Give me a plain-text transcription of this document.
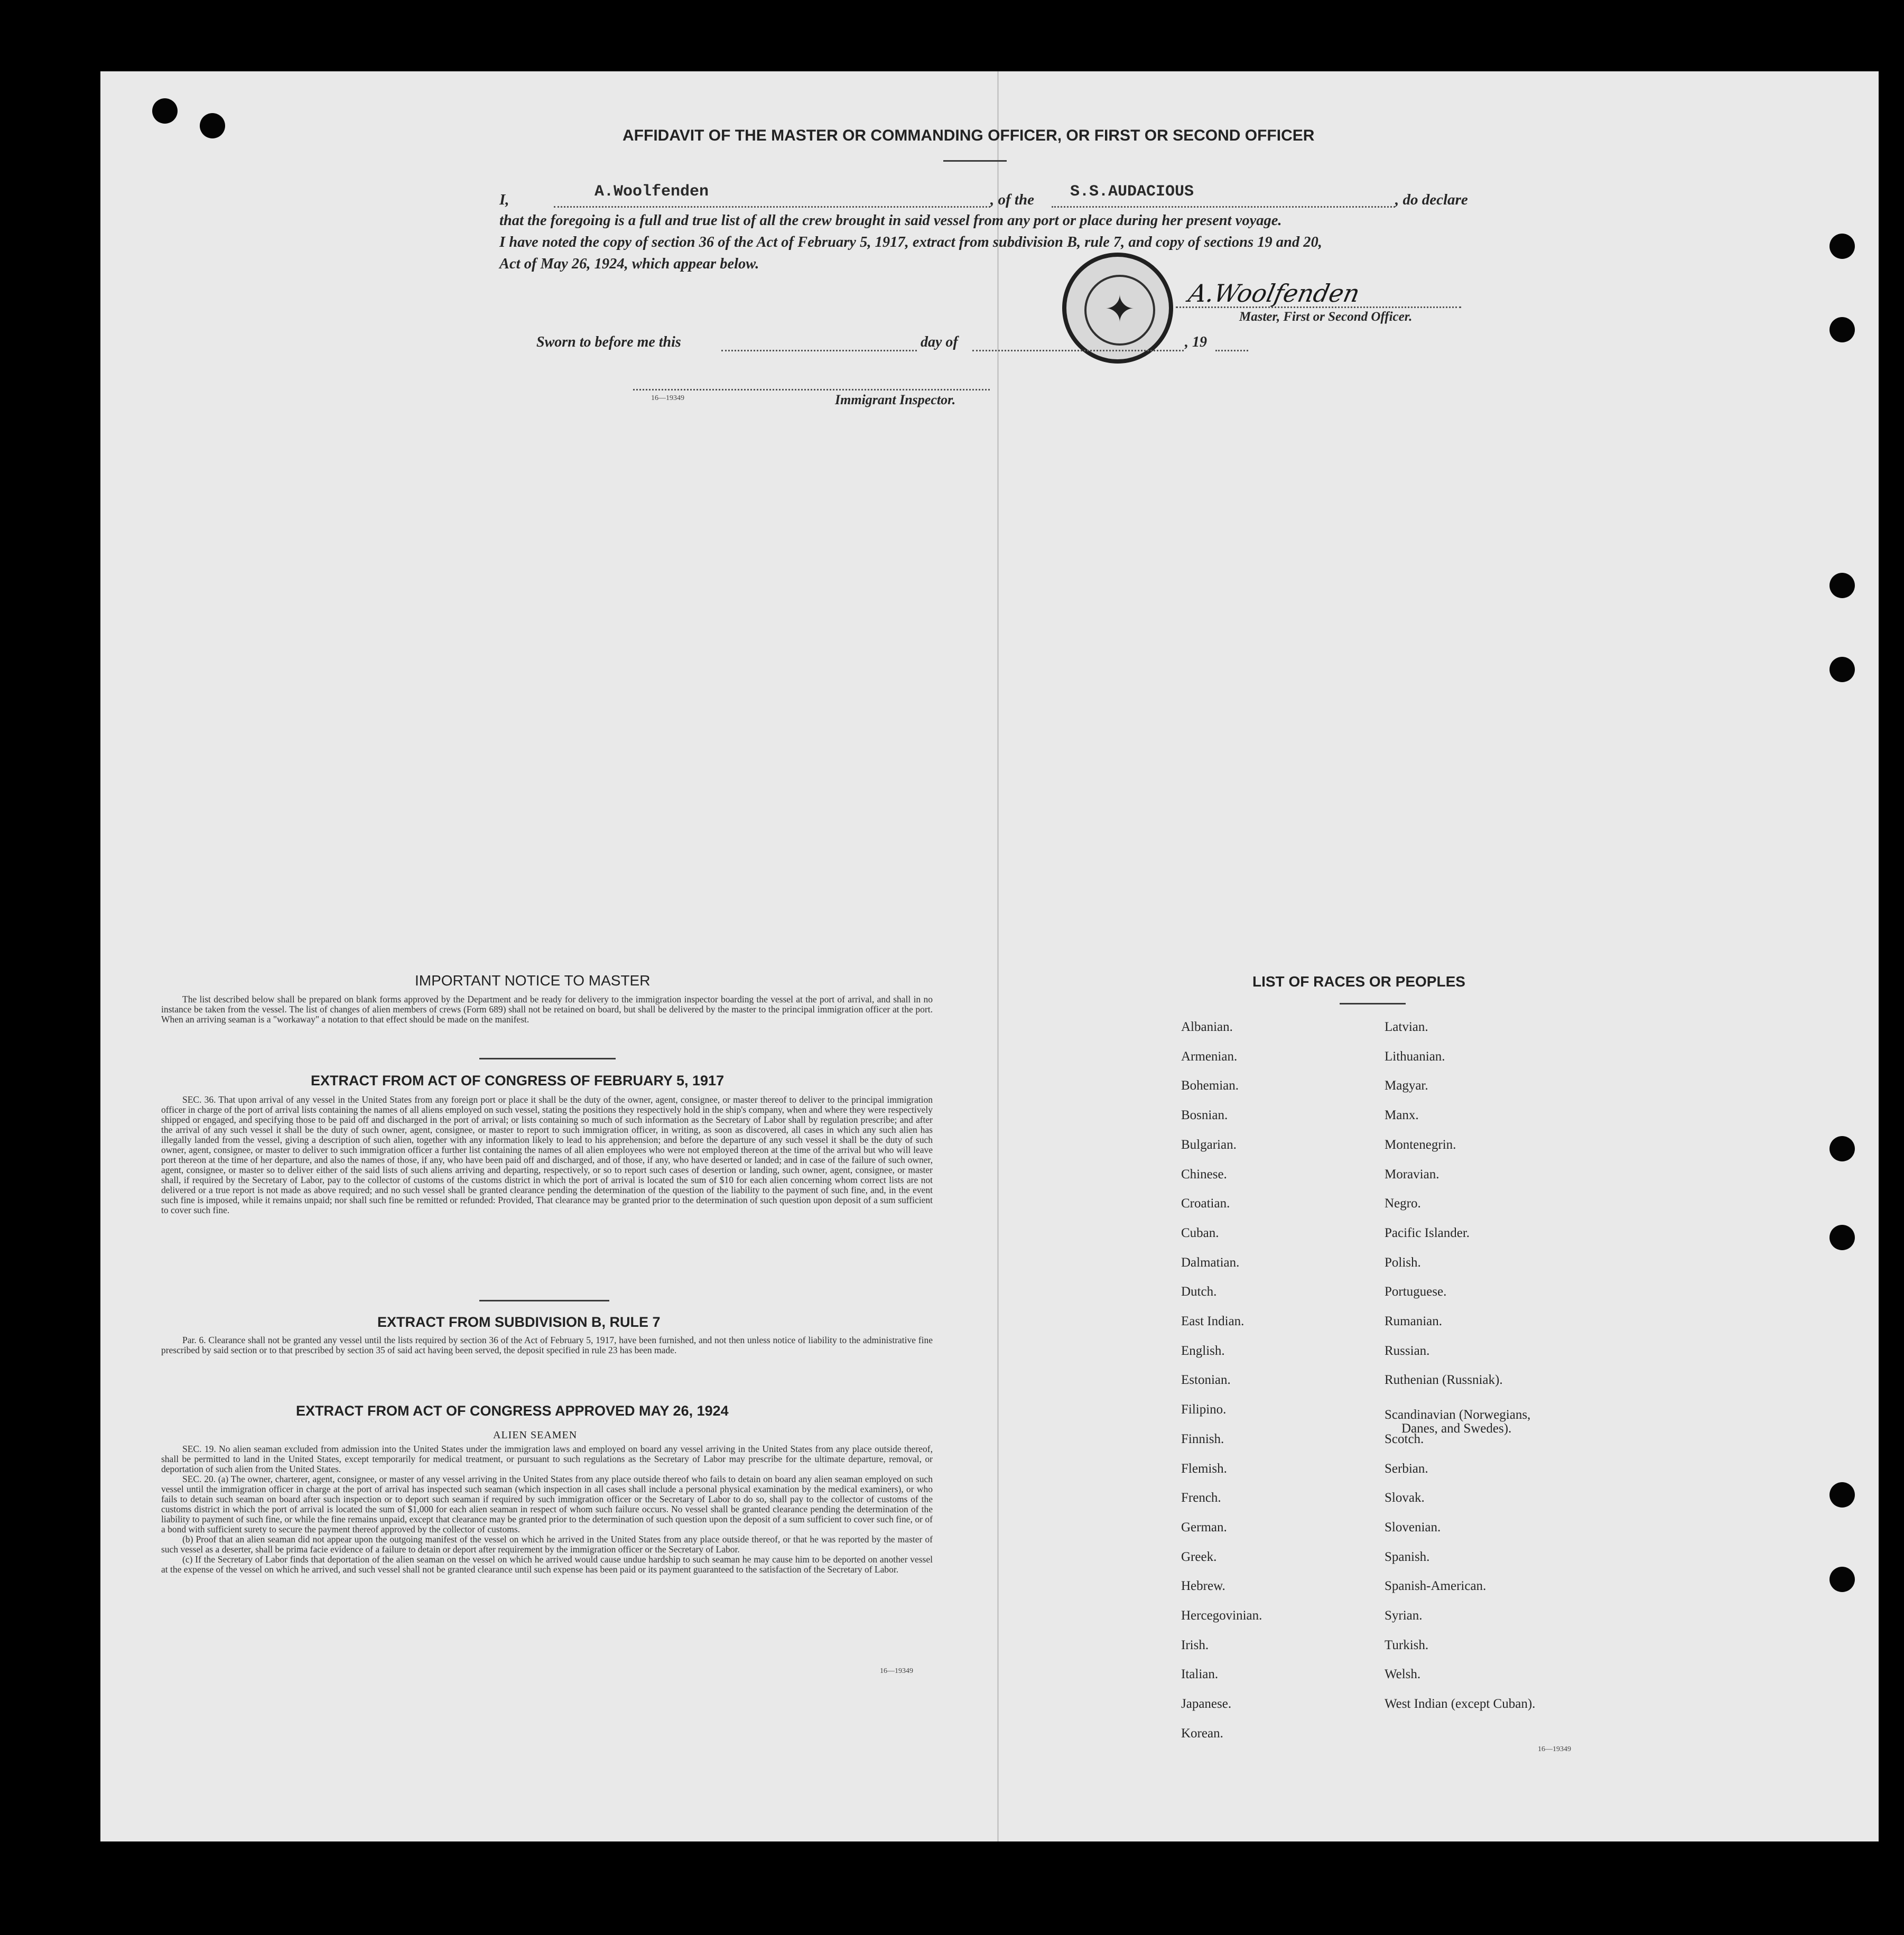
AFFIDAVIT OF THE MASTER OR COMMANDING OFFICER, OR FIRST OR SECOND OFFICER
I,	A.Woolfenden	, of the S.S.AUDACIOUS	, do declare
that the foregoing is a full and true list of all the crew brought in said vessel from any port or place during her present voyage.
I have noted the copy of section 36 of the Act of February 5, 1917, extract from subdivision B, rule 7, and copy of sections 19 and 20,
Act of May 26, 1924, which appear below.
✦	A.Woolfenden
Master, First or Second Officer.
Sworn to before me this	day of	, 19
16—19349	Immigrant Inspector.
IMPORTANT NOTICE TO MASTER

The list described below shall be prepared on blank forms approved by the Department and be ready for delivery to the immigration inspector boarding the vessel at the port of arrival, and shall in no instance be taken from the vessel. The list of changes of alien members of crews (Form 689) shall not be retained on board, but shall be delivered by the master to the principal immigration officer at the port. When an arriving seaman is a "workaway" a notation to that effect should be made on the manifest.

EXTRACT FROM ACT OF CONGRESS OF FEBRUARY 5, 1917

SEC. 36. That upon arrival of any vessel in the United States from any foreign port or place it shall be the duty of the owner, agent, consignee, or master thereof to deliver to the principal immigration officer in charge of the port of arrival lists containing the names of all aliens employed on such vessel, stating the positions they respectively hold in the ship's company, when and where they were respectively shipped or engaged, and specifying those to be paid off and discharged in the port of arrival; or lists containing so much of such information as the Secretary of Labor shall by regulation prescribe; and after the arrival of any such vessel it shall be the duty of such owner, agent, consignee, or master to report to such immigration officer, in writing, as soon as discovered, all cases in which any such alien has illegally landed from the vessel, giving a description of such alien, together with any information likely to lead to his apprehension; and before the departure of any such vessel it shall be the duty of such owner, agent, consignee, or master to deliver to such immigration officer a further list containing the names of all alien employees who were not employed thereon at the time of the arrival but who will leave port thereon at the time of her departure, and also the names of those, if any, who have been paid off and discharged, and of those, if any, who have deserted or landed; and in case of the failure of such owner, agent, consignee, or master so to deliver either of the said lists of such aliens arriving and departing, respectively, or so to report such cases of desertion or landing, such owner, agent, consignee, or master shall, if required by the Secretary of Labor, pay to the collector of customs of the customs district in which the port of arrival is located the sum of $10 for each alien concerning whom correct lists are not delivered or a true report is not made as above required; and no such vessel shall be granted clearance pending the determination of the question of the liability to the payment of such fine, and, in the event such fine is imposed, while it remains unpaid; nor shall such fine be remitted or refunded: Provided, That clearance may be granted prior to the determination of such question upon deposit of a sum sufficient to cover such fine.

EXTRACT FROM SUBDIVISION B, RULE 7

Par. 6. Clearance shall not be granted any vessel until the lists required by section 36 of the Act of February 5, 1917, have been furnished, and not then unless notice of liability to the administrative fine prescribed by said section or to that prescribed by section 35 of said act having been served, the deposit specified in rule 23 has been made.

EXTRACT FROM ACT OF CONGRESS APPROVED MAY 26, 1924
ALIEN SEAMEN

SEC. 19. No alien seaman excluded from admission into the United States under the immigration laws and employed on board any vessel arriving in the United States from any place outside thereof, shall be permitted to land in the United States, except temporarily for medical treatment, or pursuant to such regulations as the Secretary of Labor may prescribe for the ultimate departure, removal, or deportation of such alien from the United States.

SEC. 20. (a) The owner, charterer, agent, consignee, or master of any vessel arriving in the United States from any place outside thereof who fails to detain on board any alien seaman employed on such vessel until the immigration officer in charge at the port of arrival has inspected such seaman (which inspection in all cases shall include a personal physical examination by the medical examiners), or who fails to detain such seaman on board after such inspection or to deport such seaman if required by such immigration officer or the Secretary of Labor to do so, shall pay to the collector of customs of the customs district in which the port of arrival is located the sum of $1,000 for each alien seaman in respect of whom such failure occurs. No vessel shall be granted clearance pending the determination of the liability to payment of such fine, or while the fine remains unpaid, except that clearance may be granted prior to the determination of such question upon the deposit of a sum sufficient to cover such fine, or of a bond with sufficient surety to secure the payment thereof approved by the collector of customs.

(b) Proof that an alien seaman did not appear upon the outgoing manifest of the vessel on which he arrived in the United States from any place outside thereof, or that he was reported by the master of such vessel as a deserter, shall be prima facie evidence of a failure to detain or deport after requirement by the immigration officer or the Secretary of Labor.

(c) If the Secretary of Labor finds that deportation of the alien seaman on the vessel on which he arrived would cause undue hardship to such seaman he may cause him to be deported on another vessel at the expense of the vessel on which he arrived, and such vessel shall not be granted clearance until such expense has been paid or its payment guaranteed to the satisfaction of the Secretary of Labor.

16—19349
LIST OF RACES OR PEOPLES
Albanian.
Armenian.
Bohemian.
Bosnian.
Bulgarian.
Chinese.
Croatian.
Cuban.
Dalmatian.
Dutch.
East Indian.
English.
Estonian.
Filipino.
Finnish.
Flemish.
French.
German.
Greek.
Hebrew.
Hercegovinian.
Irish.
Italian.
Japanese.
Korean.
Latvian.
Lithuanian.
Magyar.
Manx.
Montenegrin.
Moravian.
Negro.
Pacific Islander.
Polish.
Portuguese.
Rumanian.
Russian.
Ruthenian (Russniak).
Scandinavian (Norwegians,
Danes, and Swedes).
Scotch.
Serbian.
Slovak.
Slovenian.
Spanish.
Spanish-American.
Syrian.
Turkish.
Welsh.
West Indian (except Cuban).
16—19349
